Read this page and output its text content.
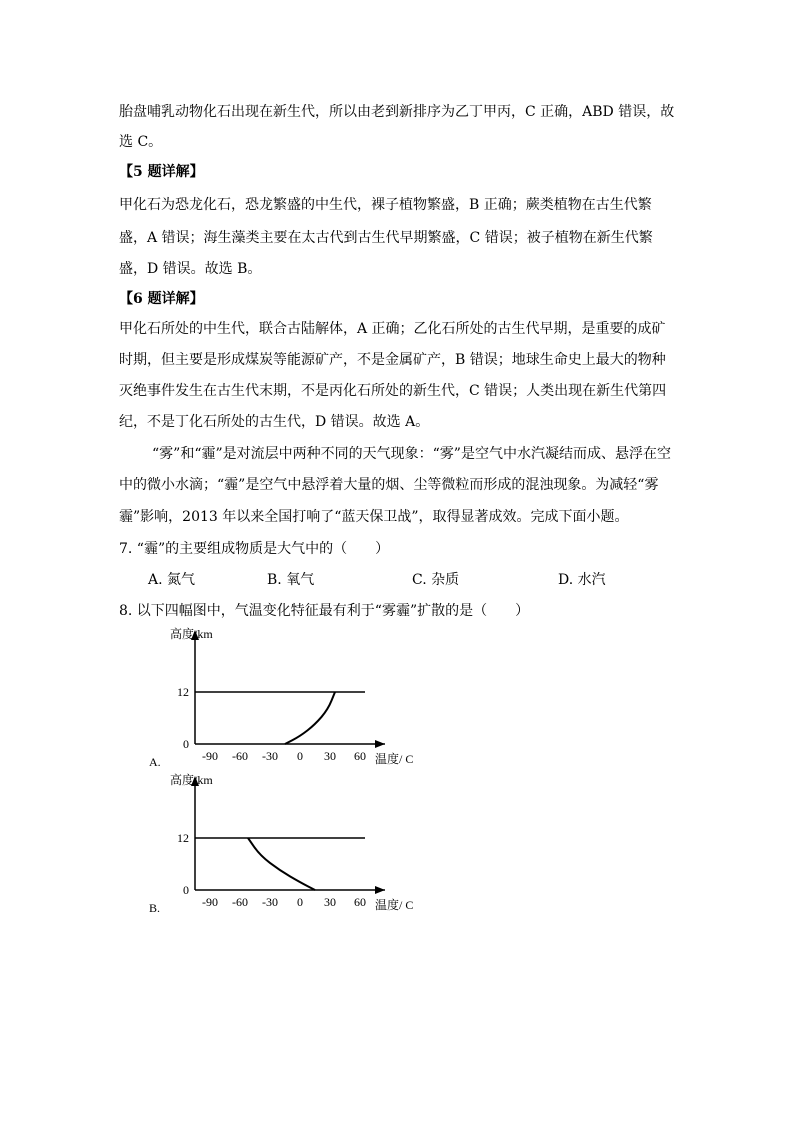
胎盘哺乳动物化石出现在新生代，所以由老到新排序为乙丁甲丙，C 正确，ABD 错误，故
选 C。
【5 题详解】
甲化石为恐龙化石，恐龙繁盛的中生代，裸子植物繁盛，B 正确；蕨类植物在古生代繁
盛，A 错误；海生藻类主要在太古代到古生代早期繁盛，C 错误；被子植物在新生代繁
盛，D 错误。故选 B。
【6 题详解】
甲化石所处的中生代，联合古陆解体，A 正确；乙化石所处的古生代早期，是重要的成矿
时期，但主要是形成煤炭等能源矿产，不是金属矿产，B 错误；地球生命史上最大的物种
灭绝事件发生在古生代末期，不是丙化石所处的新生代，C 错误；人类出现在新生代第四
纪，不是丁化石所处的古生代，D 错误。故选 A。
“雾”和“霾”是对流层中两种不同的天气现象：“雾”是空气中水汽凝结而成、悬浮在空
中的微小水滴；“霾”是空气中悬浮着大量的烟、尘等微粒而形成的混浊现象。为减轻“雾
霾”影响，2013 年以来全国打响了“蓝天保卫战”，取得显著成效。完成下面小题。
7. “霾”的主要组成物质是大气中的（　　）
A. 氮气	B. 氧气	C. 杂质	D. 水汽
8. 以下四幅图中，气温变化特征最有利于“雾霾”扩散的是（　　）
高度/km
温度/ C
-90 -60 -30 0 30 60
0
12
A.
高度/km
温度/ C
-90 -60 -30 0 30 60
0
12
B.
